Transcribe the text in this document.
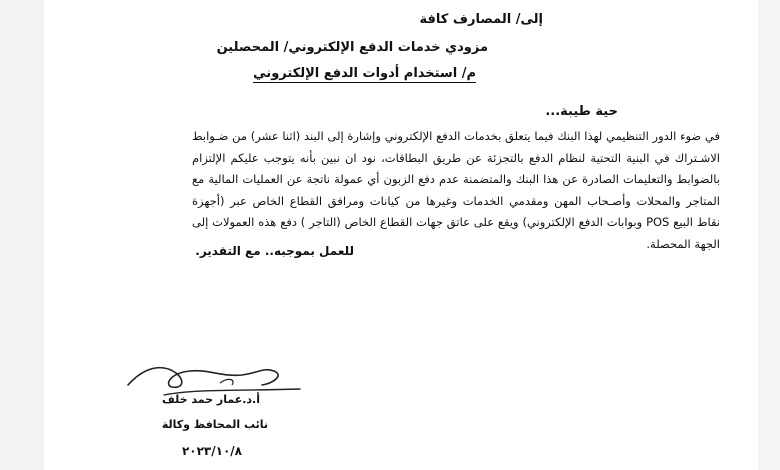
إلى/ المصارف كافة
مزودي خدمات الدفع الإلكتروني/ المحصلين
م/ استخدام أدوات الدفع الإلكتروني
حية طيبة...
في ضوء الدور التنظيمي لهذا البنك فيما يتعلق بخدمات الدفع الإلكتروني وإشارة إلى البند (اثنا عشر) من ضـوابط الاشـتراك في البنية التحتية لنظام الدفع بالتجزئة عن طريق البطاقات، نود ان نبين بأنه يتوجب عليكم الإلتزام بالضوابط والتعليمات الصادرة عن هذا البنك والمتضمنة عدم دفع الزبون أي عمولة ناتجة عن العمليات المالية مع المتاجر والمحلات وأصـحاب المهن ومقدمي الخدمات وغيرها من كيانات ومرافق القطاع الخاص عبر (أجهزة نقاط البيع POS وبوابات الدفع الإلكتروني) ويقع على عاتق جهات القطاع الخاص (التاجر ) دفع هذه العمولات إلى الجهة المحصلة.
للعمل بموجبه.. مع التقدير.
أ.د.عمار حمد خلف
نائب المحافظ وكالة
٢٠٢٣/١٠/٨
